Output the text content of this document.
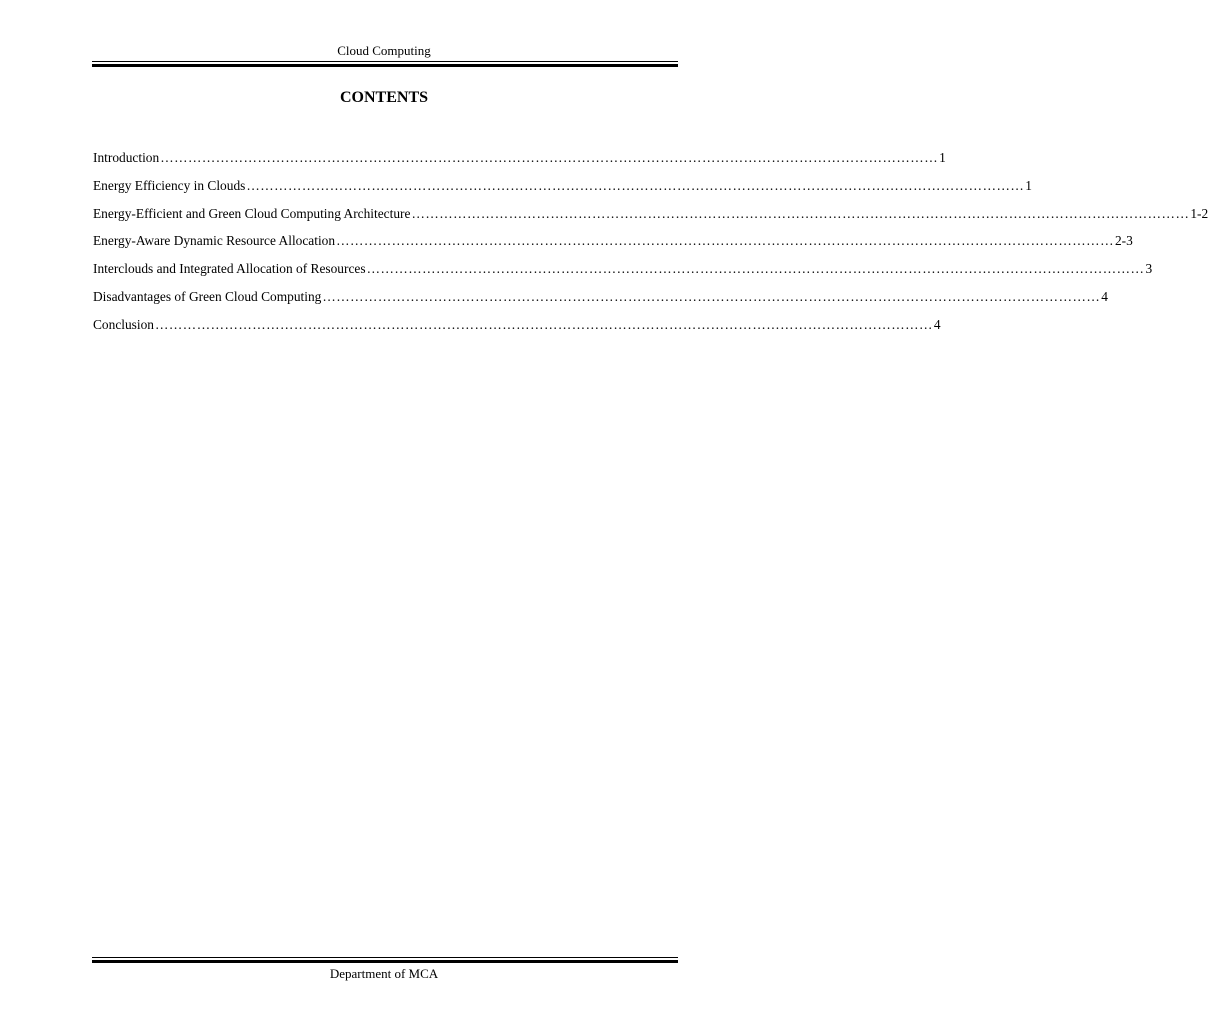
Cloud Computing
CONTENTS
Introduction …………………………………………………………………………………………………………………………………………………… 1
Energy Efficiency in Clouds …………………………………………………………………………………………………………………………………………………… 1
Energy-Efficient and Green Cloud Computing Architecture …………………………………………………………………………………………………………………………………………………… 1-2
Energy-Aware Dynamic Resource Allocation …………………………………………………………………………………………………………………………………………………… 2-3
Interclouds and Integrated Allocation of Resources …………………………………………………………………………………………………………………………………………………… 3
Disadvantages of Green Cloud Computing …………………………………………………………………………………………………………………………………………………… 4
Conclusion …………………………………………………………………………………………………………………………………………………… 4
Department of MCA
